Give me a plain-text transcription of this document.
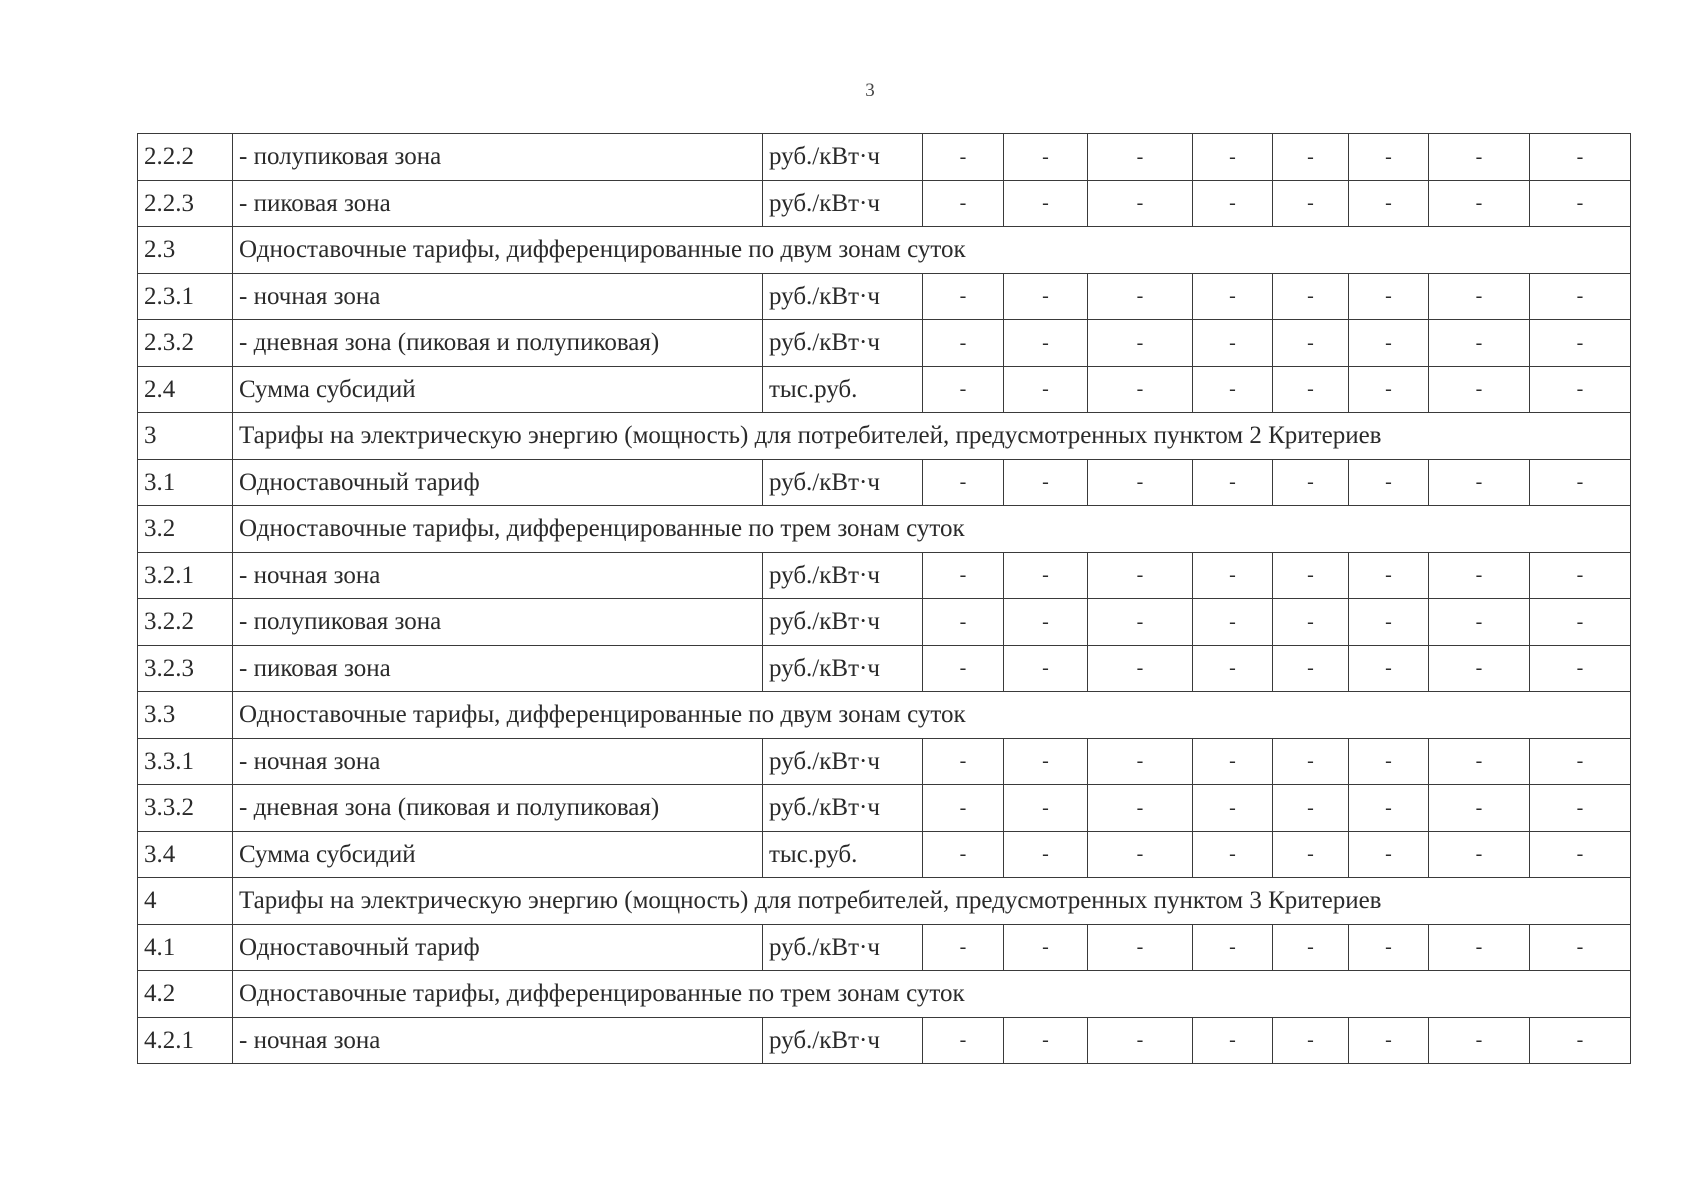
3
2.2.2	- полупиковая зона	руб./кВт·ч	-	-	-	-	-	-	-	-
2.2.3	- пиковая зона	руб./кВт·ч	-	-	-	-	-	-	-	-
2.3	Одноставочные тарифы, дифференцированные по двум зонам суток									
2.3.1	- ночная зона	руб./кВт·ч	-	-	-	-	-	-	-	-
2.3.2	- дневная зона (пиковая и полупиковая)	руб./кВт·ч	-	-	-	-	-	-	-	-
2.4	Сумма субсидий	тыс.руб.	-	-	-	-	-	-	-	-
3	Тарифы на электрическую энергию (мощность) для потребителей, предусмотренных пунктом 2 Критериев									
3.1	Одноставочный тариф	руб./кВт·ч	-	-	-	-	-	-	-	-
3.2	Одноставочные тарифы, дифференцированные по трем зонам суток									
3.2.1	- ночная зона	руб./кВт·ч	-	-	-	-	-	-	-	-
3.2.2	- полупиковая зона	руб./кВт·ч	-	-	-	-	-	-	-	-
3.2.3	- пиковая зона	руб./кВт·ч	-	-	-	-	-	-	-	-
3.3	Одноставочные тарифы, дифференцированные по двум зонам суток									
3.3.1	- ночная зона	руб./кВт·ч	-	-	-	-	-	-	-	-
3.3.2	- дневная зона (пиковая и полупиковая)	руб./кВт·ч	-	-	-	-	-	-	-	-
3.4	Сумма субсидий	тыс.руб.	-	-	-	-	-	-	-	-
4	Тарифы на электрическую энергию (мощность) для потребителей, предусмотренных пунктом 3 Критериев									
4.1	Одноставочный тариф	руб./кВт·ч	-	-	-	-	-	-	-	-
4.2	Одноставочные тарифы, дифференцированные по трем зонам суток									
4.2.1	- ночная зона	руб./кВт·ч	-	-	-	-	-	-	-	-
